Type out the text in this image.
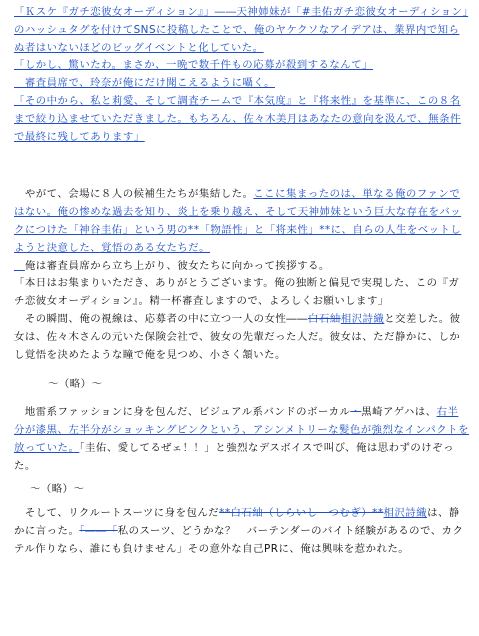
「Ｋスケ『ガチ恋彼女オーディション』」――天神姉妹が「#圭佑ガチ恋彼女オーディション」のハッシュタグを付けてSNSに投稿したことで、俺のヤケクソなアイデアは、業界内で知らぬ者はいないほどのビッグイベントと化していた。

「しかし、驚いたわ。まさか、一晩で数千件もの応募が殺到するなんて」

　審査員席で、玲奈が俺にだけ聞こえるように囁く。

「その中から、私と莉愛、そして調査チームで『本気度』と『将来性』を基準に、この８名まで絞り込ませていただきました。もちろん、佐々木美月はあなたの意向を汲んで、無条件で最終に残してあります」

　やがて、会場に８人の候補生たちが集結した。ここに集まったのは、単なる俺のファンではない。俺の惨めな過去を知り、炎上を乗り越え、そして天神姉妹という巨大な存在をバックにつけた「神谷圭佑」という男の**「物語性」と「将来性」**に、自らの人生をベットしようと決意した、覚悟のある女たちだ。

　俺は審査員席から立ち上がり、彼女たちに向かって挨拶する。

「本日はお集まりいただき、ありがとうございます。俺の独断と偏見で実現した、この『ガチ恋彼女オーディション』。精一杯審査しますので、よろしくお願いします」

　その瞬間、俺の視線は、応募者の中に立つ一人の女性――白石紬相沢詩織と交差した。彼女は、佐々木さんの元いた保険会社で、彼女の先輩だった人だ。彼女は、ただ静かに、しかし覚悟を決めたような瞳で俺を見つめ、小さく頷いた。

～（略）～

　地雷系ファッションに身を包んだ、ビジュアル系バンドのボーカル・黒崎アゲハは、右半分が漆黒、左半分がショッキングピンクという、アシンメトリーな髪色が強烈なインパクトを放っていた。「圭佑、愛してるぜェ！！」と強烈なデスボイスで叫び、俺は思わずのけぞった。

～（略）～

　そして、リクルートスーツに身を包んだ**白石紬（しらいし　つむぎ）**相沢詩織は、静かに言った。「――「私のスーツ、どうかな？　バーテンダーのバイト経験があるので、カクテル作りなら、誰にも負けません」その意外な自己PRに、俺は興味を惹かれた。
